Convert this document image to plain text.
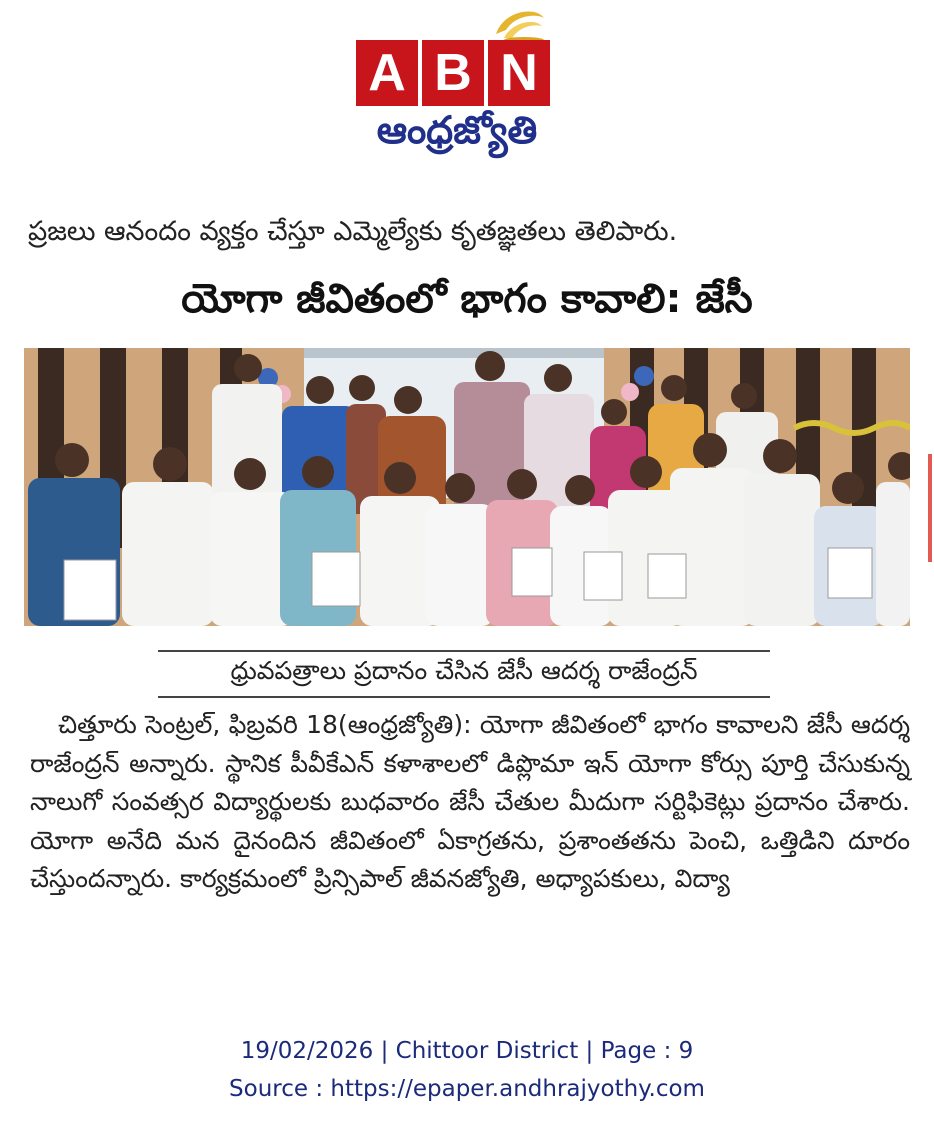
A B N
ఆంధ్రజ్యోతి
ప్రజలు ఆనందం వ్యక్తం చేస్తూ ఎమ్మెల్యేకు కృతజ్ఞతలు తెలిపారు.
యోగా జీవితంలో భాగం కావాలి: జేసీ
ధ్రువపత్రాలు ప్రదానం చేసిన జేసీ ఆదర్శ రాజేంద్రన్

చిత్తూరు సెంట్రల్, ఫిబ్రవరి 18(ఆంధ్రజ్యోతి): యోగా జీవితంలో భాగం కావాలని జేసీ ఆదర్శ రాజేంద్రన్ అన్నారు. స్థానిక పీవీకేఎన్ కళాశాలలో డిప్లొమా ఇన్ యోగా కోర్సు పూర్తి చేసుకున్న నాలుగో సంవత్సర విద్యార్థులకు బుధవారం జేసీ చేతుల మీదుగా సర్టిఫికెట్లు ప్రదానం చేశారు. యోగా అనేది మన దైనందిన జీవితంలో ఏకాగ్రతను, ప్రశాంతతను పెంచి, ఒత్తిడిని దూరం చేస్తుందన్నారు. కార్యక్రమంలో ప్రిన్సిపాల్ జీవనజ్యోతి, అధ్యాపకులు, విద్యా

19/02/2026 | Chittoor District | Page : 9
Source : https://epaper.andhrajyothy.com
